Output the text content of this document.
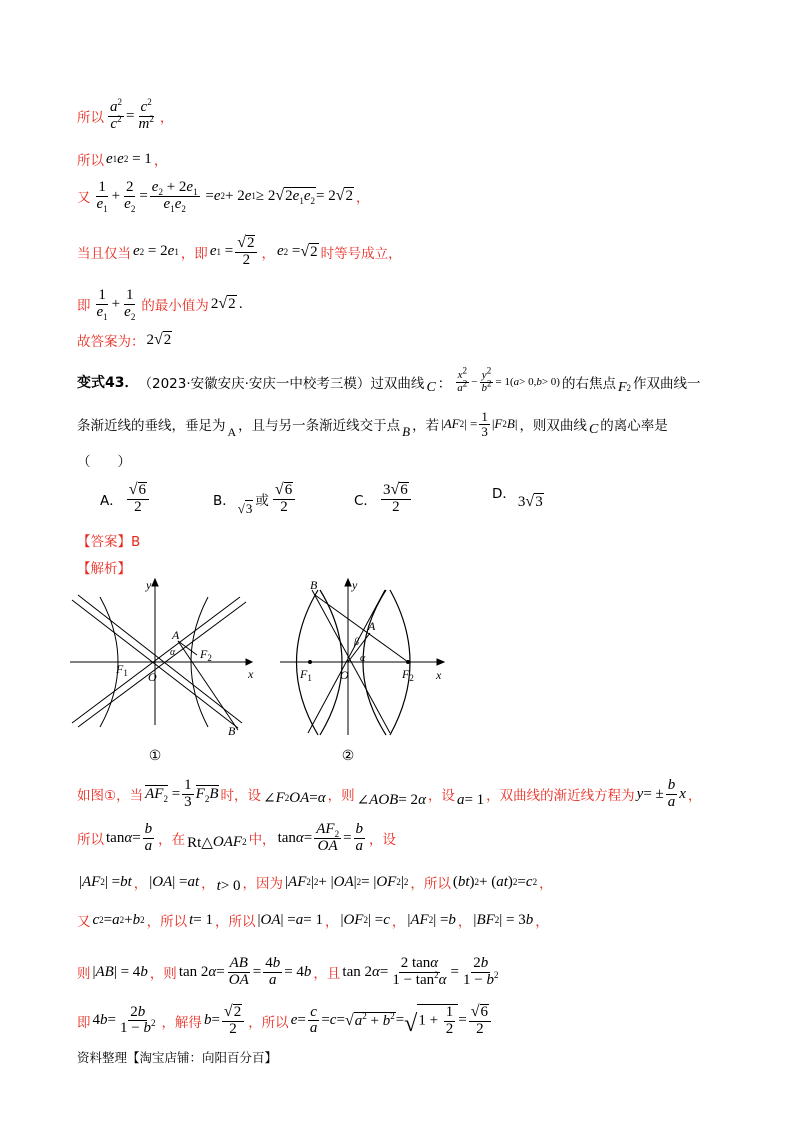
所以 $\frac{a^2}{c^2} = \frac{c^2}{m^2}$ ，
所以 e 1 e 2 = 1 ，
又 $\frac{1}{e_1} + \frac{2}{e_2} = \frac{e_2 + 2e_1}{e_1e_2} = e$ 2 + 2 e 1 ≥ 2 √ $2e_1e_2 = 2$ √ 2 ，
当且仅当 e 2 = 2 e 1 ，即 e $1 = \frac{√ 2}{2}$ ， e 2 = √ 2 时等号成立，
即 $\frac{1}{e_1} + \frac{1}{e_2}$ 的最小值为 2 √ 2 .
故答案为： 2 √ 2
变式43． （2023·安徽安庆·安庆一中校考三模）过双曲线 C ： $\frac{x^2}{a^2} - \frac{y^2}{b^2} = 1$( a > 0, b > 0) 的右焦点 F 2 作双曲线一
条渐近线的垂线，垂足为 A ，且与另一条渐近线交于点 B ，若 | AF 2 | = $\frac{1}{3}$ | F 2 B | ，则双曲线 C 的离心率是
（　　）
A． $\frac{√ 6}{2}$	B． √ 3 或 $\frac{√ 6}{2}$	C． $\frac{3 √ 6}{2}$	D． 3 √ 3
【答案】B
【解析】
y
x
A
$F_2$
$F_1$ O
α
B
①
y
x
B
A
β
α
O
$F_1$	$F_2$
②
如图①，当 $AF_2 = \frac{1}{3} F_2B$ 时，设 ∠ F 2 OA = α ，则 ∠ AOB = 2 α ，设 a = 1 ，双曲线的渐近线方程为 y = ± $\frac{b}{a}$ x ，
所以 $\tan \alpha = \frac{b}{a}$ ，在 Rt△ OAF 2 中， $\tan \alpha = \frac{AF_2}{OA} = \frac{b}{a}$ ，设
| AF 2 | = bt ， | OA | = at ， t > 0 ，因为 | AF 2 | 2 + | OA | 2 = | OF 2 | 2 ，所以 ( bt ) 2 + ( at ) 2 = c 2 ，
又 c 2 = a 2 + b 2 ，所以 t = 1 ，所以 | OA | = a = 1 ， | OF 2 | = c ， | AF 2 | = b ， | BF 2 | = 3 b ，
则 | AB | = 4 b ，则 tan 2 $\alpha = \frac{AB}{OA} = \frac{4b}{a} = 4$ b ，且 tan 2 $\alpha = \frac{2 \tan\alpha}{1 - \tan^2\alpha} = \frac{2b}{1 - b^2}$
即 4 $b = \frac{2b}{1 - b^2}$ ，解得 $b = \frac{√ 2}{2}$ ，所以 $e = \frac{c}{a} = c$ = √ $a^2 + b^2$ = √ $1 + \frac{1}{2} = \frac{√ 6}{2}$
资料整理【淘宝店铺：向阳百分百】
